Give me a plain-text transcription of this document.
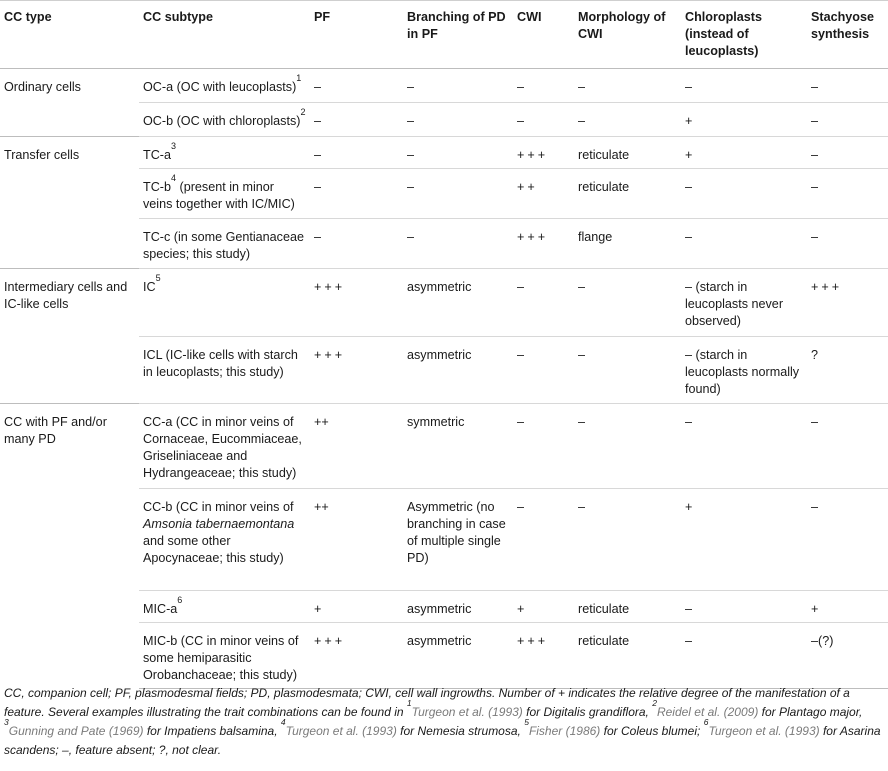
CC type	CC subtype	PF	Branching of PD in PF	CWI	Morphology of CWI	Chloroplasts (instead of leucoplasts)	Stachyose synthesis
Ordinary cells	OC-a (OC with leucoplasts)$^1$	–	–	–	–	–	–
	OC-b (OC with chloroplasts)$^2$	–	–	–	–	+	–
Transfer cells	$TC-a^3$	–	–	+++	reticulate	+	–
	$TC-b^4$ (present in minor veins together with IC/MIC)	–	–	++	reticulate	–	–
	TC-c (in some Gentianaceae species; this study)	–	–	+++	flange	–	–
Intermediary cells and IC-like cells	$IC^5$	+++	asymmetric	–	–	– (starch in leucoplasts never observed)	+++
	ICL (IC-like cells with starch in leucoplasts; this study)	+++	asymmetric	–	–	– (starch in leucoplasts normally found)	?
CC with PF and/or many PD	CC-a (CC in minor veins of Cornaceae, Eucommiaceae, Griseliniaceae and Hydrangeaceae; this study)	++	symmetric	–	–	–	–
	CC-b (CC in minor veins of Amsonia tabernaemontana and some other Apocynaceae; this study)	++	Asymmetric (no branching in case of multiple single PD)	–	–	+	–
	MIC-$a^6$	+	asymmetric	+	reticulate	–	+
	MIC-b (CC in minor veins of some hemiparasitic Orobanchaceae; this study)	+++	asymmetric	+++	reticulate	–	–(?)

CC, companion cell; PF, plasmodesmal fields; PD, plasmodesmata; CWI, cell wall ingrowths. Number of + indicates the relative degree of the manifestation of a feature. Several examples illustrating the trait combinations can be found in $^1$Turgeon et al. (1993) for Digitalis grandiflora, $^2$Reidel et al. (2009) for Plantago major, $^3$Gunning and Pate (1969) for Impatiens balsamina, $^4$Turgeon et al. (1993) for Nemesia strumosa, $^5$Fisher (1986) for Coleus blumei; $^6$Turgeon et al. (1993) for Asarina scandens; –, feature absent; ?, not clear.
